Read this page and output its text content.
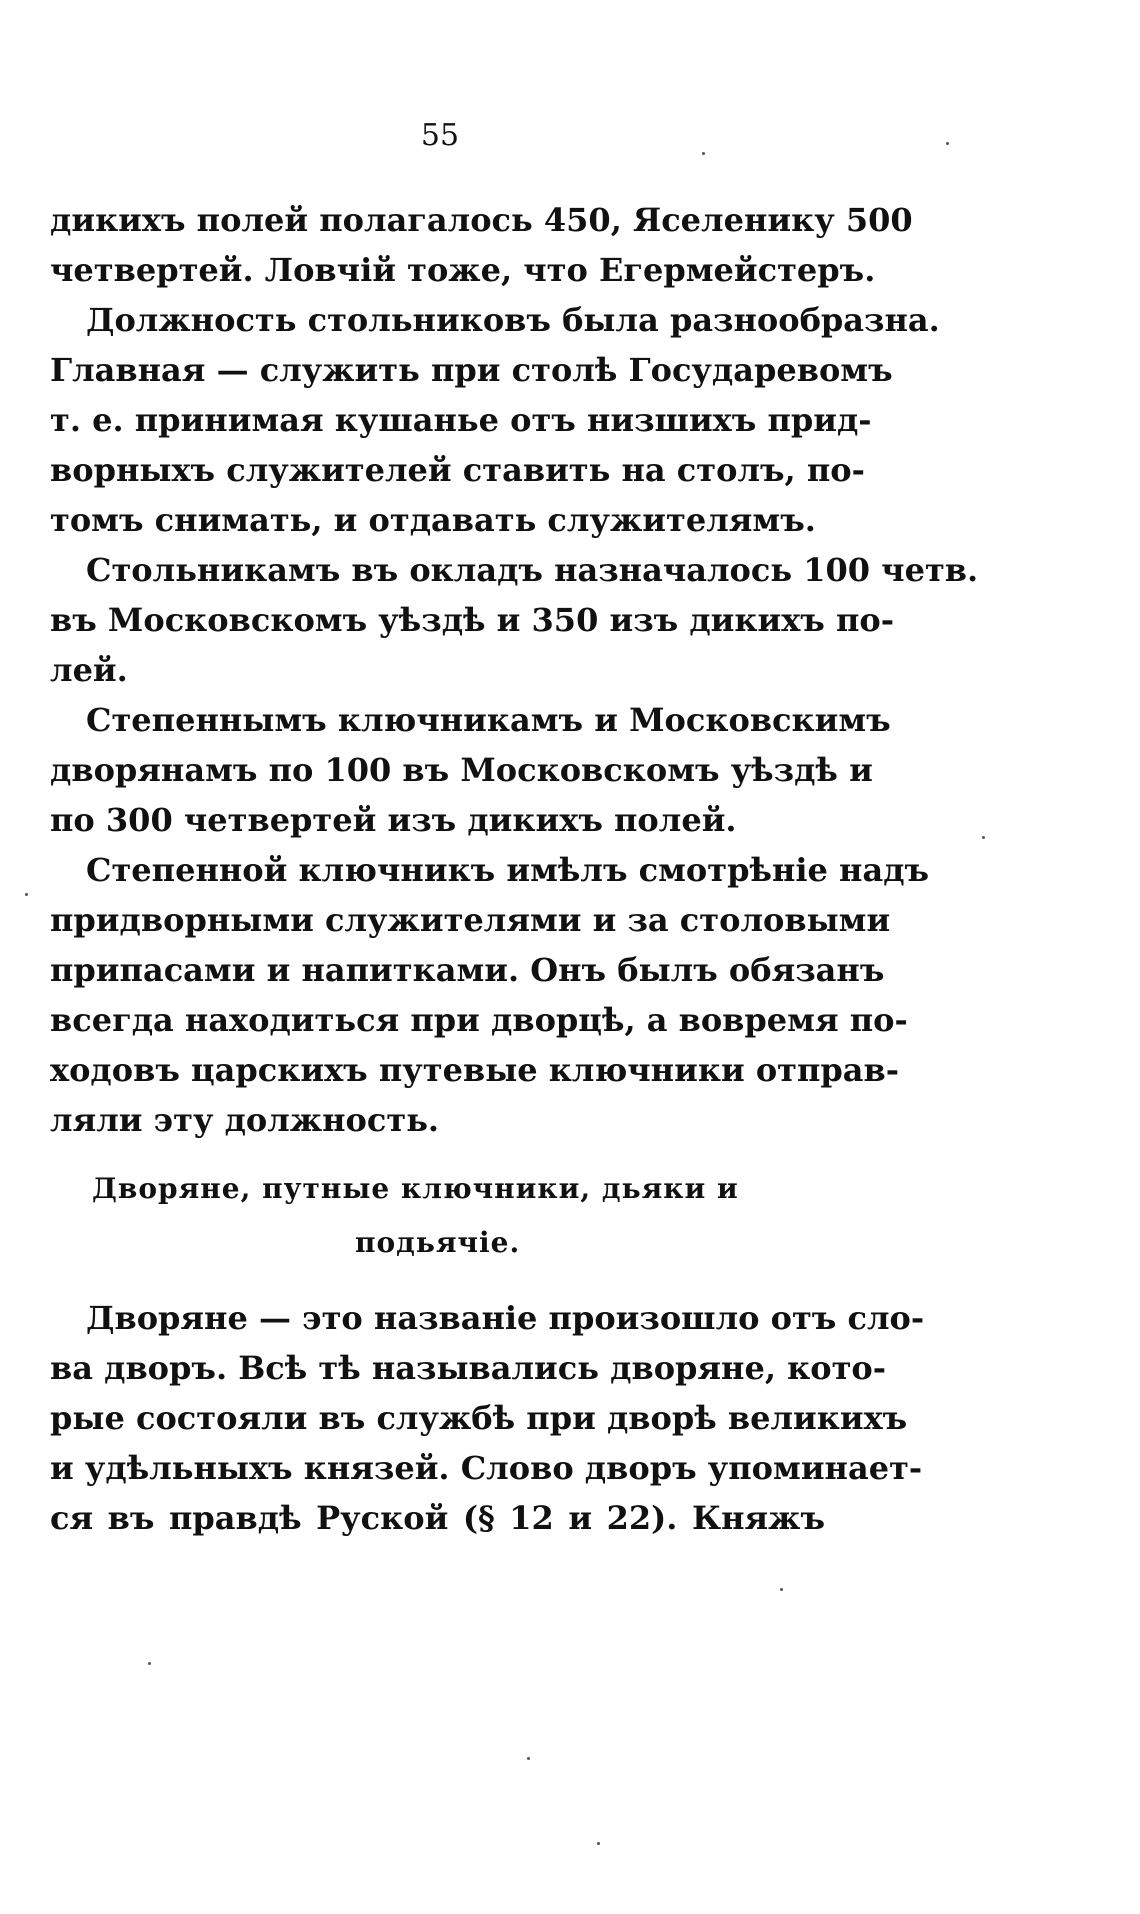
55
дикихъ полей полагалось 450, Яселенику 500
четвертей. Ловчій тоже, что Егермейстеръ.
Должность стольниковъ была разнообразна.
Главная — служить при столѣ Государевомъ
т. е. принимая кушанье отъ низшихъ прид-
ворныхъ служителей ставить на столъ, по-
томъ снимать, и отдавать служителямъ.
Стольникамъ въ окладъ назначалось 100 четв.
въ Московскомъ уѣздѣ и 350 изъ дикихъ по-
лей.
Степеннымъ ключникамъ и Московскимъ
дворянамъ по 100 въ Московскомъ уѣздѣ и
по 300 четвертей изъ дикихъ полей.
Степенной ключникъ имѣлъ смотрѣніе надъ
придворными служителями и за столовыми
припасами и напитками. Онъ былъ обязанъ
всегда находиться при дворцѣ, а вовремя по-
ходовъ царскихъ путевые ключники отправ-
ляли эту должность.
Дворяне, путные ключники, дьяки и
подьячіе.
Дворяне — это названіе произошло отъ сло-
ва дворъ. Всѣ тѣ назывались дворяне, кото-
рые состояли въ службѣ при дворѣ великихъ
и удѣльныхъ князей. Слово дворъ упоминает-
ся въ правдѣ Руской (§ 12 и 22). Княжъ
